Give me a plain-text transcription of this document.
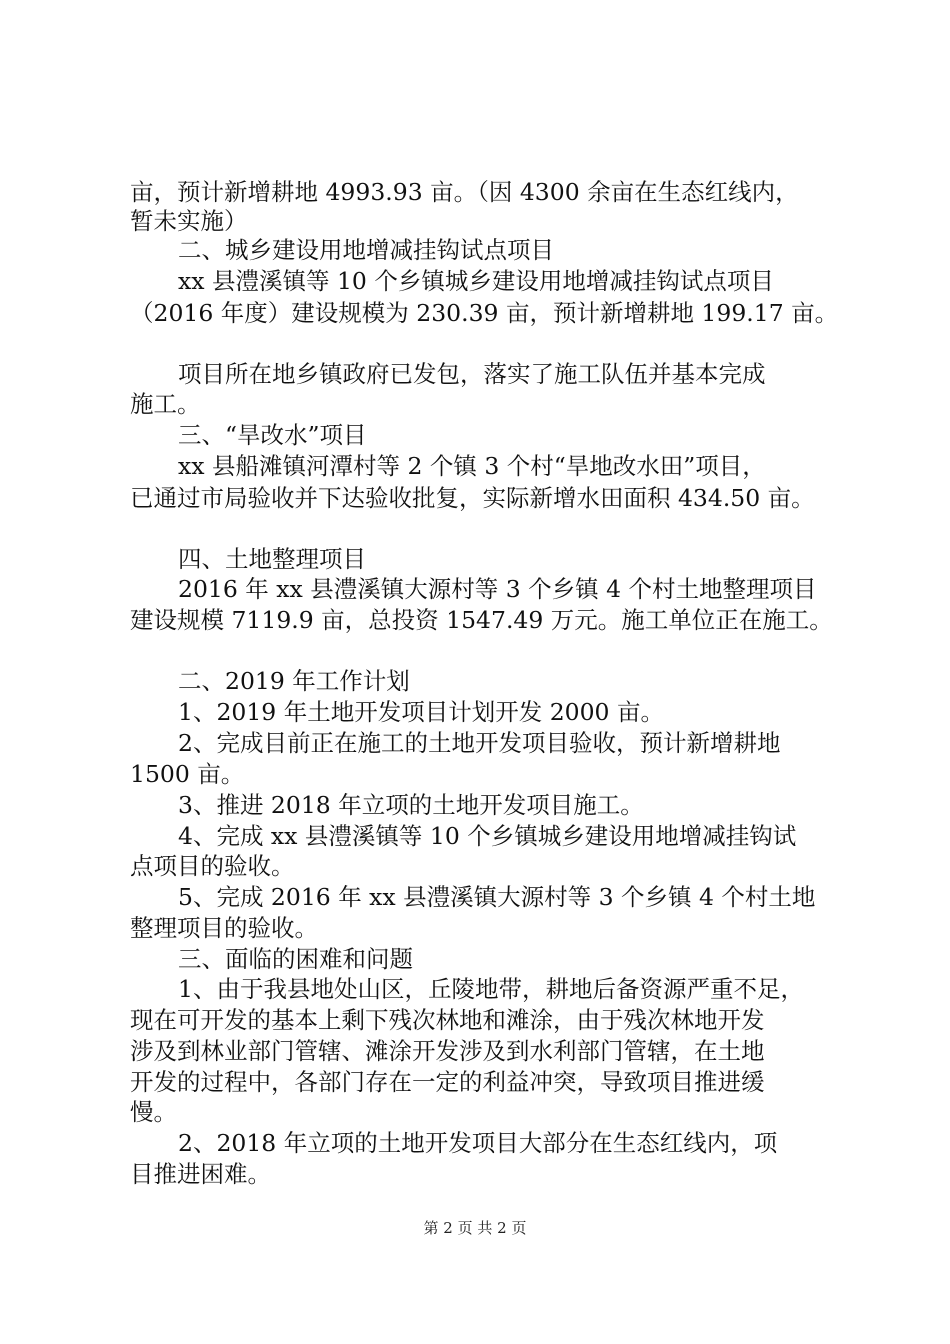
亩，预计新增耕地 4993.93 亩。（因 4300 余亩在生态红线内，
暂未实施）
二、城乡建设用地增减挂钩试点项目
xx 县澧溪镇等 10 个乡镇城乡建设用地增减挂钩试点项目
（2016 年度）建设规模为 230.39 亩，预计新增耕地 199.17 亩。
项目所在地乡镇政府已发包，落实了施工队伍并基本完成
施工。
三、“旱改水”项目
xx 县船滩镇河潭村等 2 个镇 3 个村“旱地改水田”项目，
已通过市局验收并下达验收批复，实际新增水田面积 434.50 亩。
四、土地整理项目
2016 年 xx 县澧溪镇大源村等 3 个乡镇 4 个村土地整理项目
建设规模 7119.9 亩，总投资 1547.49 万元。施工单位正在施工。
二、2019 年工作计划
1、2019 年土地开发项目计划开发 2000 亩。
2、完成目前正在施工的土地开发项目验收，预计新增耕地
1500 亩。
3、推进 2018 年立项的土地开发项目施工。
4、完成 xx 县澧溪镇等 10 个乡镇城乡建设用地增减挂钩试
点项目的验收。
5、完成 2016 年 xx 县澧溪镇大源村等 3 个乡镇 4 个村土地
整理项目的验收。
三、面临的困难和问题
1、由于我县地处山区，丘陵地带，耕地后备资源严重不足，
现在可开发的基本上剩下残次林地和滩涂，由于残次林地开发
涉及到林业部门管辖、滩涂开发涉及到水利部门管辖，在土地
开发的过程中，各部门存在一定的利益冲突，导致项目推进缓
慢。
2、2018 年立项的土地开发项目大部分在生态红线内，项
目推进困难。
第 2 页 共 2 页
